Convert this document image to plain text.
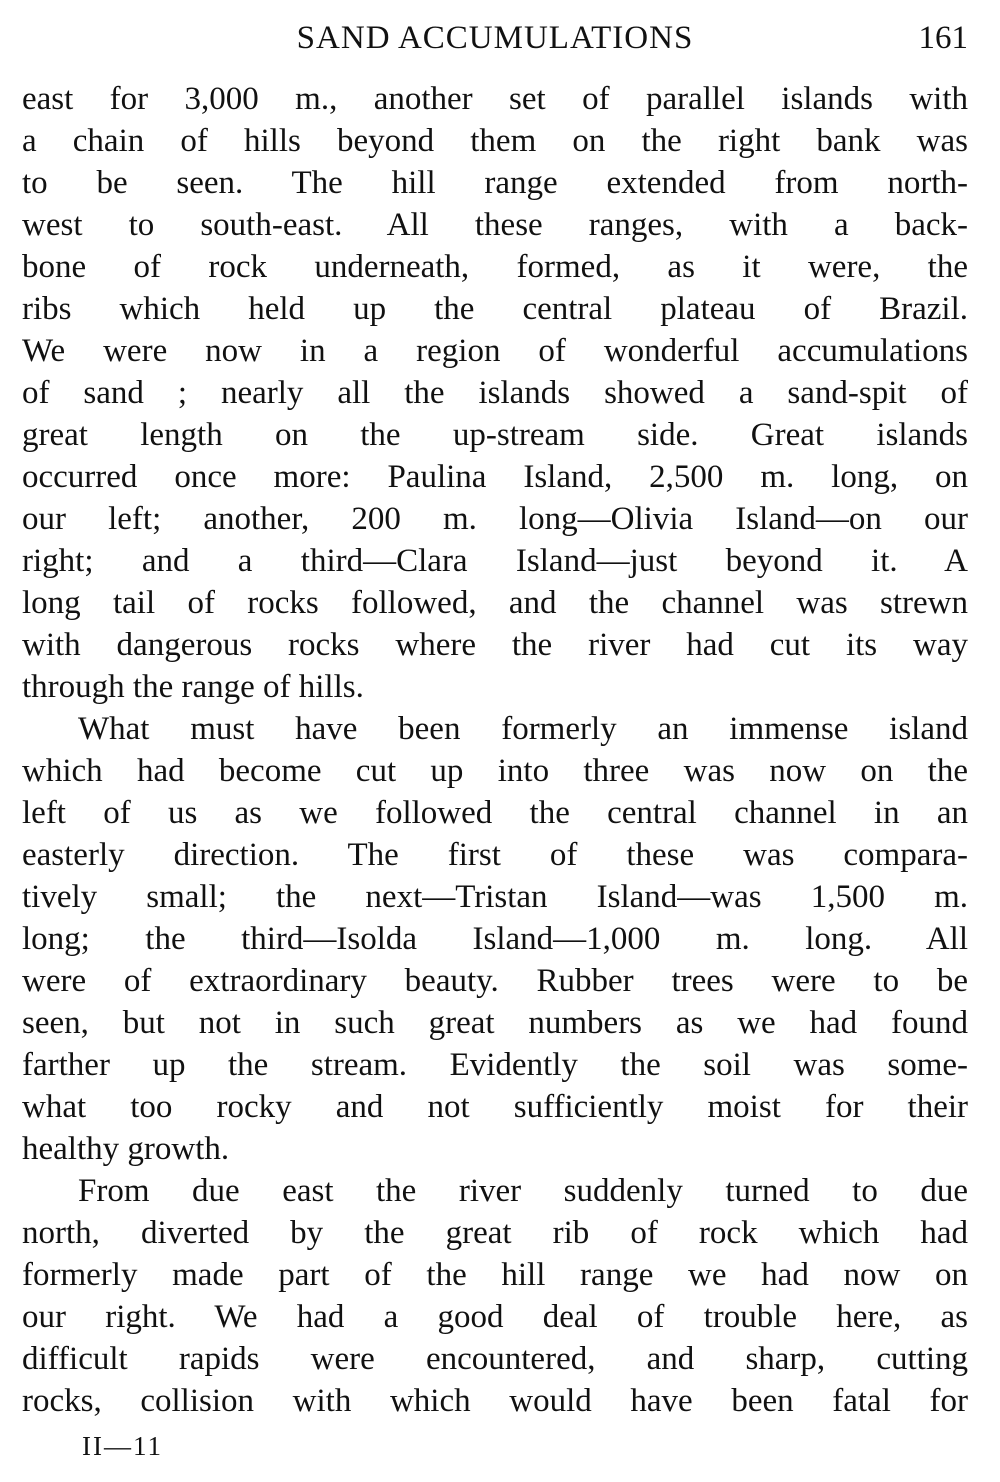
SAND ACCUMULATIONS	161
east for 3,000 m., another set of parallel islands with
a chain of hills beyond them on the right bank was
to be seen. The hill range extended from north-
west to south-east. All these ranges, with a back-
bone of rock underneath, formed, as it were, the
ribs which held up the central plateau of Brazil.
We were now in a region of wonderful accumulations
of sand ; nearly all the islands showed a sand-spit of
great length on the up-stream side. Great islands
occurred once more: Paulina Island, 2,500 m. long, on
our left; another, 200 m. long—Olivia Island—on our
right; and a third—Clara Island—just beyond it. A
long tail of rocks followed, and the channel was strewn
with dangerous rocks where the river had cut its way
through the range of hills.
What must have been formerly an immense island
which had become cut up into three was now on the
left of us as we followed the central channel in an
easterly direction. The first of these was compara-
tively small; the next—Tristan Island—was 1,500 m.
long; the third—Isolda Island—1,000 m. long. All
were of extraordinary beauty. Rubber trees were to be
seen, but not in such great numbers as we had found
farther up the stream. Evidently the soil was some-
what too rocky and not sufficiently moist for their
healthy growth.
From due east the river suddenly turned to due
north, diverted by the great rib of rock which had
formerly made part of the hill range we had now on
our right. We had a good deal of trouble here, as
difficult rapids were encountered, and sharp, cutting
rocks, collision with which would have been fatal for
II—11
